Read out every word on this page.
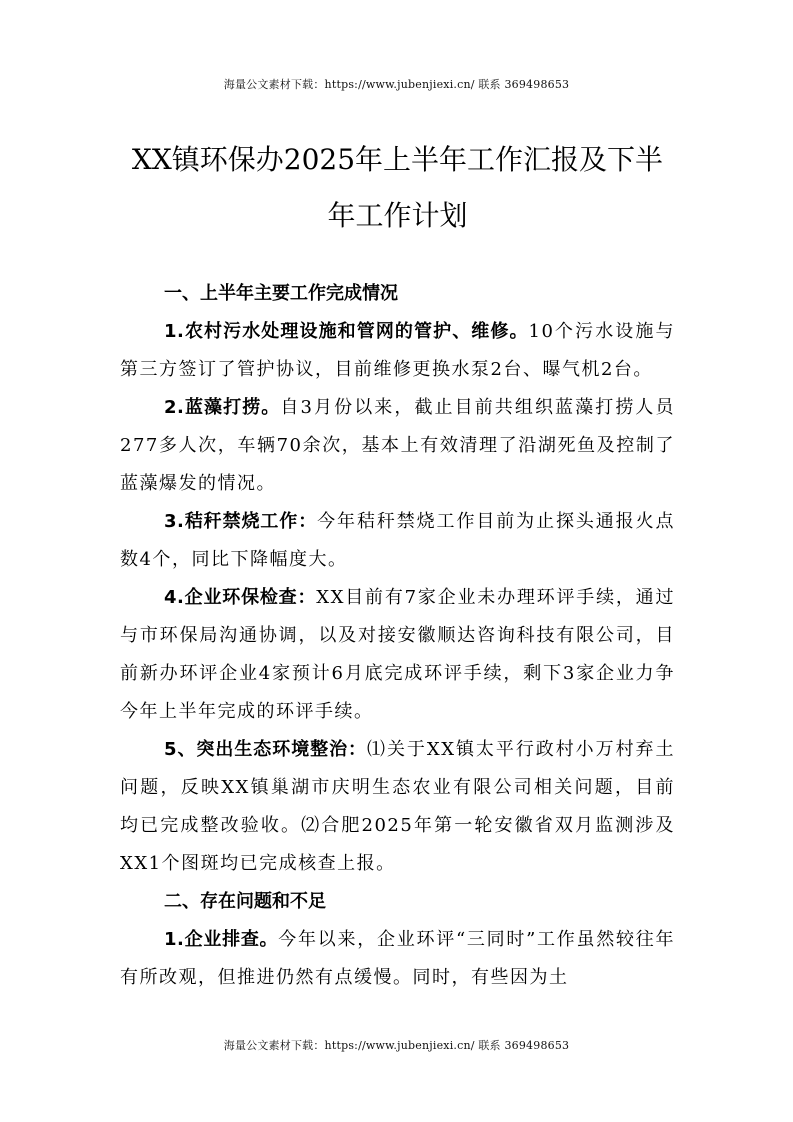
海量公文素材下载：https://www.jubenjiexi.cn/ 联系 369498653
XX镇环保办2025年上半年工作汇报及下半
年工作计划

一、上半年主要工作完成情况

1.农村污水处理设施和管网的管护、维修。10个污水设施与第三方签订了管护协议，目前维修更换水泵2台、曝气机2台。

2.蓝藻打捞。自3月份以来，截止目前共组织蓝藻打捞人员277多人次，车辆70余次，基本上有效清理了沿湖死鱼及控制了蓝藻爆发的情况。

3.秸秆禁烧工作：今年秸秆禁烧工作目前为止探头通报火点数4个，同比下降幅度大。

4.企业环保检查：XX目前有7家企业未办理环评手续，通过与市环保局沟通协调，以及对接安徽顺达咨询科技有限公司，目前新办环评企业4家预计6月底完成环评手续，剩下3家企业力争今年上半年完成的环评手续。

5、突出生态环境整治：⑴关于XX镇太平行政村小万村弃土问题，反映XX镇巢湖市庆明生态农业有限公司相关问题，目前均已完成整改验收。⑵合肥2025年第一轮安徽省双月监测涉及XX1个图斑均已完成核查上报。

二、存在问题和不足

1.企业排查。今年以来，企业环评“三同时”工作虽然较往年有所改观，但推进仍然有点缓慢。同时，有些因为土

海量公文素材下载：https://www.jubenjiexi.cn/ 联系 369498653
